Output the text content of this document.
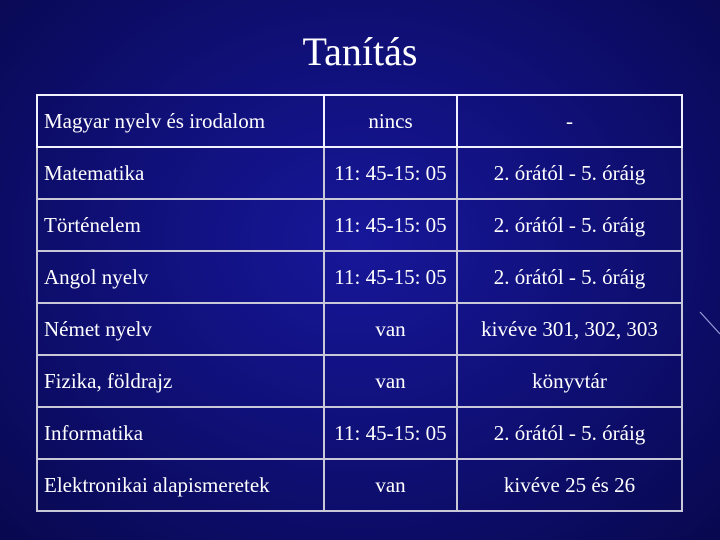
Tanítás
Magyar nyelv és irodalom	nincs	-
Matematika	11: 45-15: 05	2. órától - 5. óráig
Történelem	11: 45-15: 05	2. órától - 5. óráig
Angol nyelv	11: 45-15: 05	2. órától - 5. óráig
Német nyelv	van	kivéve 301, 302, 303
Fizika, földrajz	van	könyvtár
Informatika	11: 45-15: 05	2. órától - 5. óráig
Elektronikai alapismeretek	van	kivéve 25 és 26
